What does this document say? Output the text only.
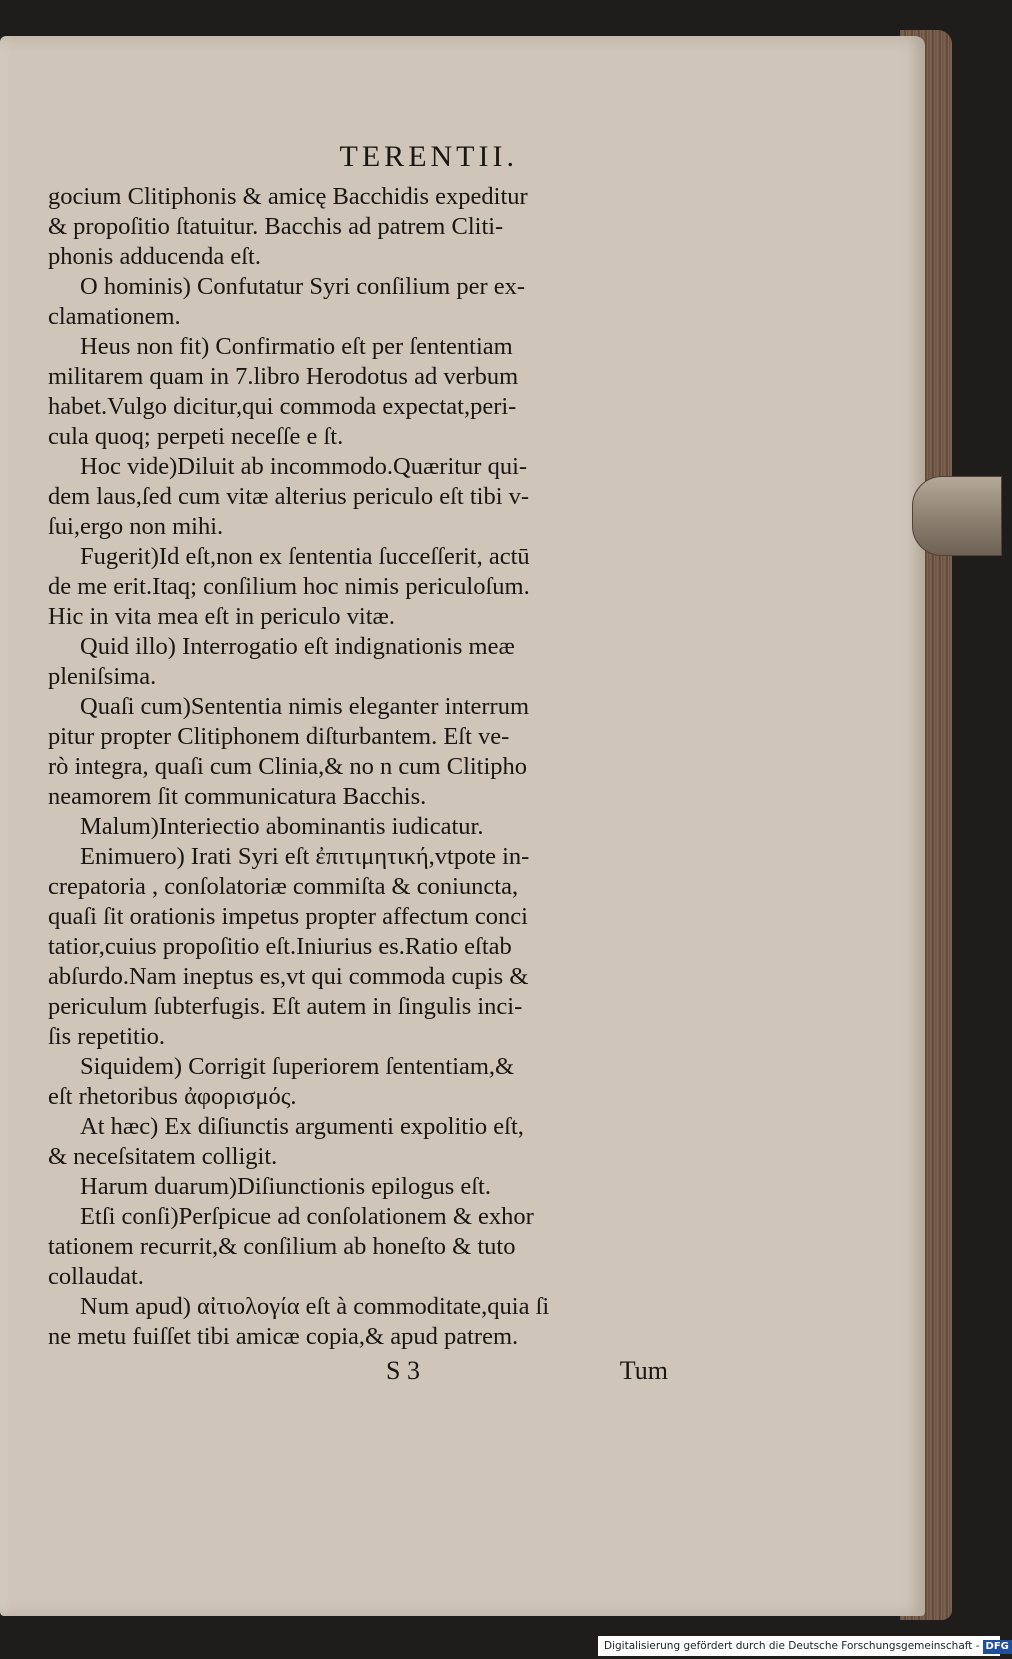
TERENTII.
gocium Clitiphonis & amicę Bacchidis expeditur
& propoſitio ſtatuitur. Bacchis ad patrem Cliti-
phonis adducenda eſt.
O hominis) Confutatur Syri conſilium per ex-
clamationem.
Heus non fit) Confirmatio eſt per ſententiam
militarem quam in 7.libro Herodotus ad verbum
habet.Vulgo dicitur,qui commoda expectat,peri-
cula quoq; perpeti neceſſe e ſt.
Hoc vide)Diluit ab incommodo.Quæritur qui-
dem laus,ſed cum vitæ alterius periculo eſt tibi v-
ſui,ergo non mihi.
Fugerit)Id eſt,non ex ſententia ſucceſſerit, actū
de me erit.Itaq; conſilium hoc nimis periculoſum.
Hic in vita mea eſt in periculo vitæ.
Quid illo) Interrogatio eſt indignationis meæ
pleniſsima.
Quaſi cum)Sententia nimis eleganter interrum
pitur propter Clitiphonem diſturbantem. Eſt ve-
rò integra, quaſi cum Clinia,& no n cum Clitipho
neamorem ſit communicatura Bacchis.
Malum)Interiectio abominantis iudicatur.
Enimuero) Irati Syri eſt ἐπιτιμητική,vtpote in-
crepatoria , conſolatoriæ commiſta & coniuncta,
quaſi ſit orationis impetus propter affectum conci
tatior,cuius propoſitio eſt.Iniurius es.Ratio eſtab
abſurdo.Nam ineptus es,vt qui commoda cupis &
periculum ſubterfugis. Eſt autem in ſingulis inci-
ſis repetitio.
Siquidem) Corrigit ſuperiorem ſententiam,&
eſt rhetoribus ἀφορισμός.
At hæc) Ex diſiunctis argumenti expolitio eſt,
& neceſsitatem colligit.
Harum duarum)Diſiunctionis epilogus eſt.
Etſi conſi)Perſpicue ad conſolationem & exhor
tationem recurrit,& conſilium ab honeſto & tuto
collaudat.
Num apud) αἰτιολογία eſt à commoditate,quia ſi
ne metu fuiſſet tibi amicæ copia,& apud patrem.
S 3	Tum
Digitalisierung gefördert durch die Deutsche Forschungsgemeinschaft - DFG
